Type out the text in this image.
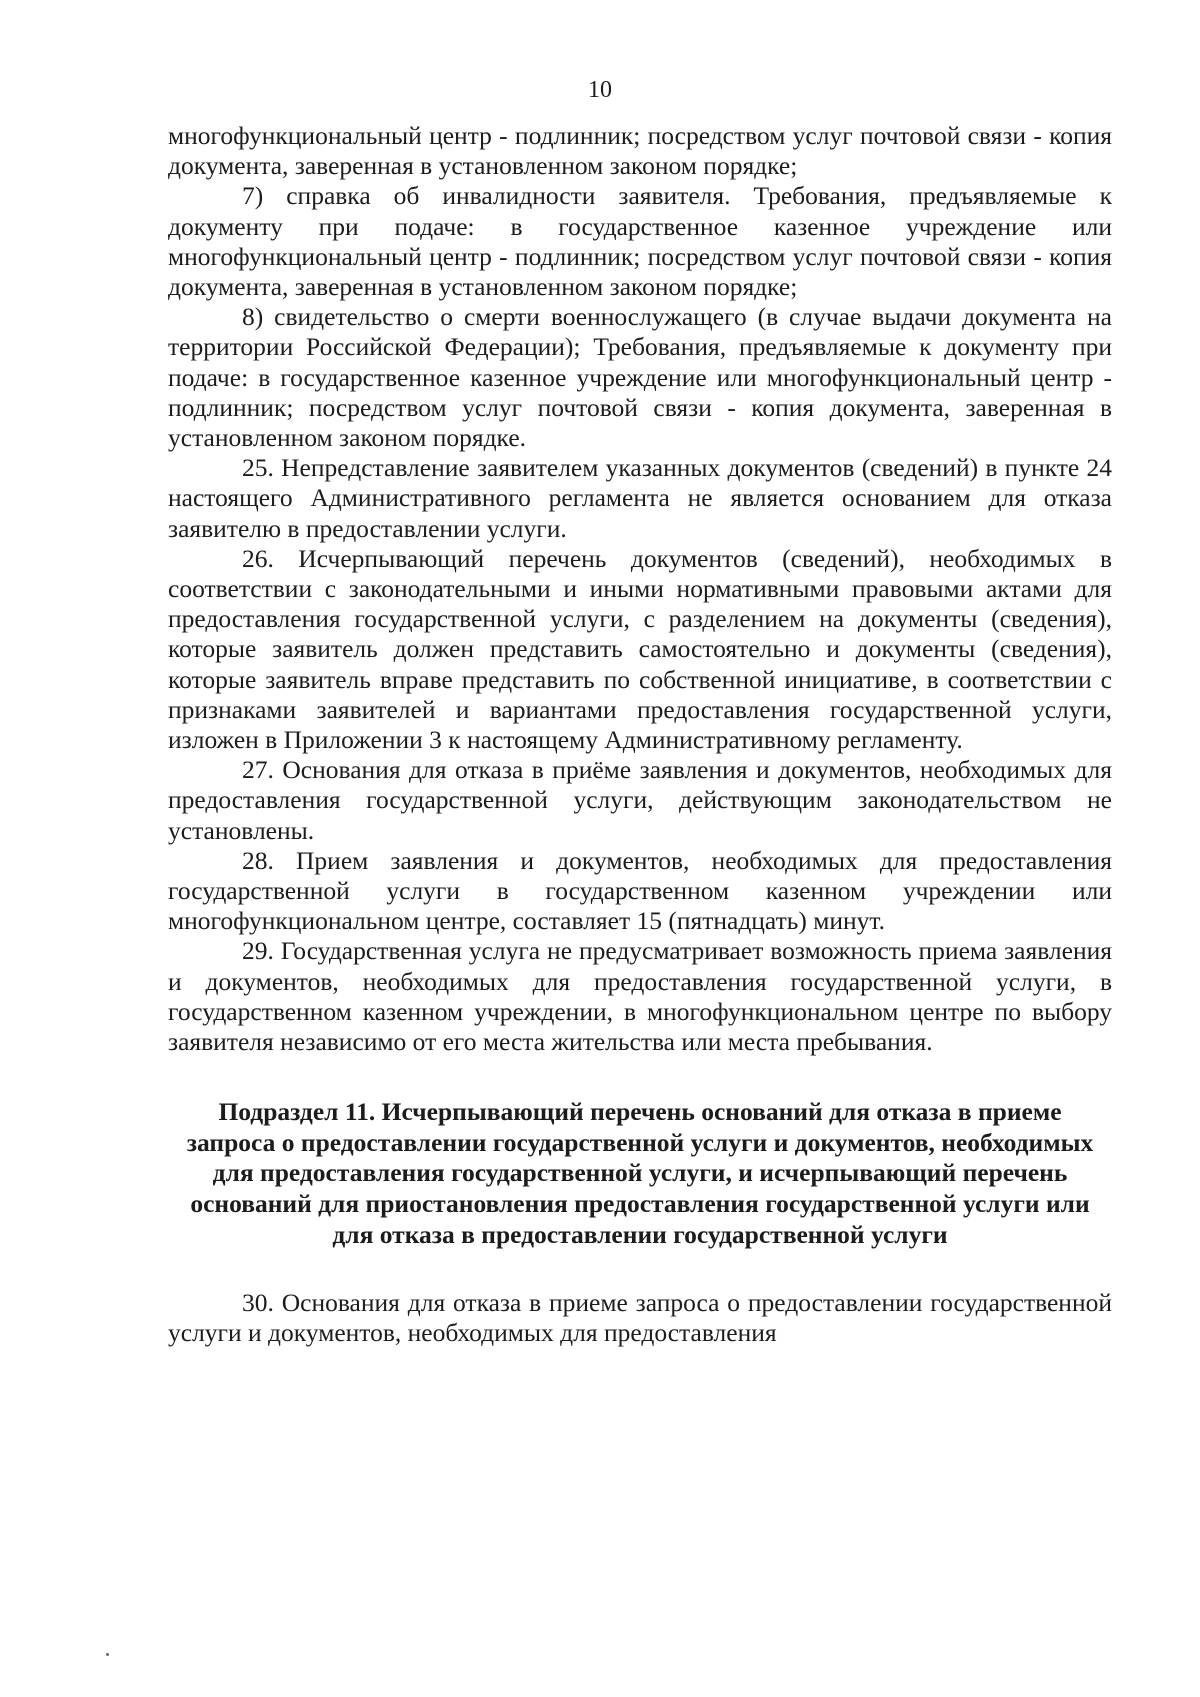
10

многофункциональный центр - подлинник; посредством услуг почтовой связи - копия документа, заверенная в установленном законом порядке;

7) справка об инвалидности заявителя. Требования, предъявляемые к документу при подаче: в государственное казенное учреждение или многофункциональный центр - подлинник; посредством услуг почтовой связи - копия документа, заверенная в установленном законом порядке;

8) свидетельство о смерти военнослужащего (в случае выдачи документа на территории Российской Федерации); Требования, предъявляемые к документу при подаче: в государственное казенное учреждение или многофункциональный центр - подлинник; посредством услуг почтовой связи - копия документа, заверенная в установленном законом порядке.

25. Непредставление заявителем указанных документов (сведений) в пункте 24 настоящего Административного регламента не является основанием для отказа заявителю в предоставлении услуги.

26. Исчерпывающий перечень документов (сведений), необходимых в соответствии с законодательными и иными нормативными правовыми актами для предоставления государственной услуги, с разделением на документы (сведения), которые заявитель должен представить самостоятельно и документы (сведения), которые заявитель вправе представить по собственной инициативе, в соответствии с признаками заявителей и вариантами предоставления государственной услуги, изложен в Приложении 3 к настоящему Административному регламенту.

27. Основания для отказа в приёме заявления и документов, необходимых для предоставления государственной услуги, действующим законодательством не установлены.

28. Прием заявления и документов, необходимых для предоставления государственной услуги в государственном казенном учреждении или многофункциональном центре, составляет 15 (пятнадцать) минут.

29. Государственная услуга не предусматривает возможность приема заявления и документов, необходимых для предоставления государственной услуги, в государственном казенном учреждении, в многофункциональном центре по выбору заявителя независимо от его места жительства или места пребывания.

Подраздел 11. Исчерпывающий перечень оснований для отказа в приеме запроса о предоставлении государственной услуги и документов, необходимых для предоставления государственной услуги, и исчерпывающий перечень оснований для приостановления предоставления государственной услуги или для отказа в предоставлении государственной услуги

30. Основания для отказа в приеме запроса о предоставлении государственной услуги и документов, необходимых для предоставления
